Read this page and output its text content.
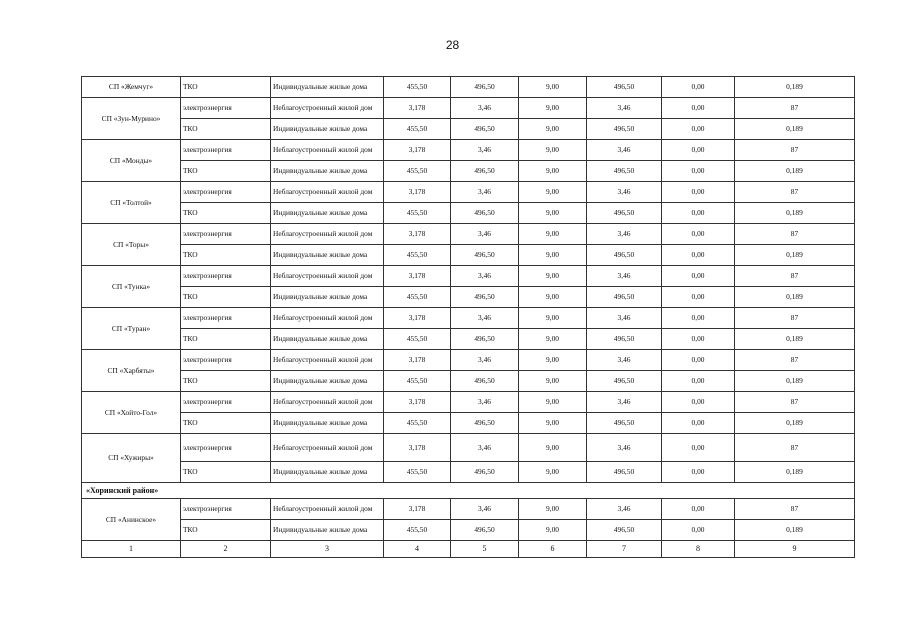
28
СП «Жемчуг»	ТКО	Индивидуальные жилые дома	455,50	496,50	9,00	496,50	0,00	0,189
СП «Зун-Мурино»	электроэнергия	Неблагоустроенный жилой дом	3,178	3,46	9,00	3,46	0,00	87
	ТКО	Индивидуальные жилые дома	455,50	496,50	9,00	496,50	0,00	0,189
СП «Монды»	электроэнергия	Неблагоустроенный жилой дом	3,178	3,46	9,00	3,46	0,00	87
	ТКО	Индивидуальные жилые дома	455,50	496,50	9,00	496,50	0,00	0,189
СП «Толтой»	электроэнергия	Неблагоустроенный жилой дом	3,178	3,46	9,00	3,46	0,00	87
	ТКО	Индивидуальные жилые дома	455,50	496,50	9,00	496,50	0,00	0,189
СП «Торы»	электроэнергия	Неблагоустроенный жилой дом	3,178	3,46	9,00	3,46	0,00	87
	ТКО	Индивидуальные жилые дома	455,50	496,50	9,00	496,50	0,00	0,189
СП «Тунка»	электроэнергия	Неблагоустроенный жилой дом	3,178	3,46	9,00	3,46	0,00	87
	ТКО	Индивидуальные жилые дома	455,50	496,50	9,00	496,50	0,00	0,189
СП «Туран»	электроэнергия	Неблагоустроенный жилой дом	3,178	3,46	9,00	3,46	0,00	87
	ТКО	Индивидуальные жилые дома	455,50	496,50	9,00	496,50	0,00	0,189
СП «Харбяты»	электроэнергия	Неблагоустроенный жилой дом	3,178	3,46	9,00	3,46	0,00	87
	ТКО	Индивидуальные жилые дома	455,50	496,50	9,00	496,50	0,00	0,189
СП «Хойто-Гол»	электроэнергия	Неблагоустроенный жилой дом	3,178	3,46	9,00	3,46	0,00	87
	ТКО	Индивидуальные жилые дома	455,50	496,50	9,00	496,50	0,00	0,189
СП «Хужиры»	электроэнергия	Неблагоустроенный жилой дом	3,178	3,46	9,00	3,46	0,00	87
	ТКО	Индивидуальные жилые дома	455,50	496,50	9,00	496,50	0,00	0,189
«Хоринский район»								
СП «Анинское»	электроэнергия	Неблагоустроенный жилой дом	3,178	3,46	9,00	3,46	0,00	87
	ТКО	Индивидуальные жилые дома	455,50	496,50	9,00	496,50	0,00	0,189
1	2	3	4	5	6	7	8	9
